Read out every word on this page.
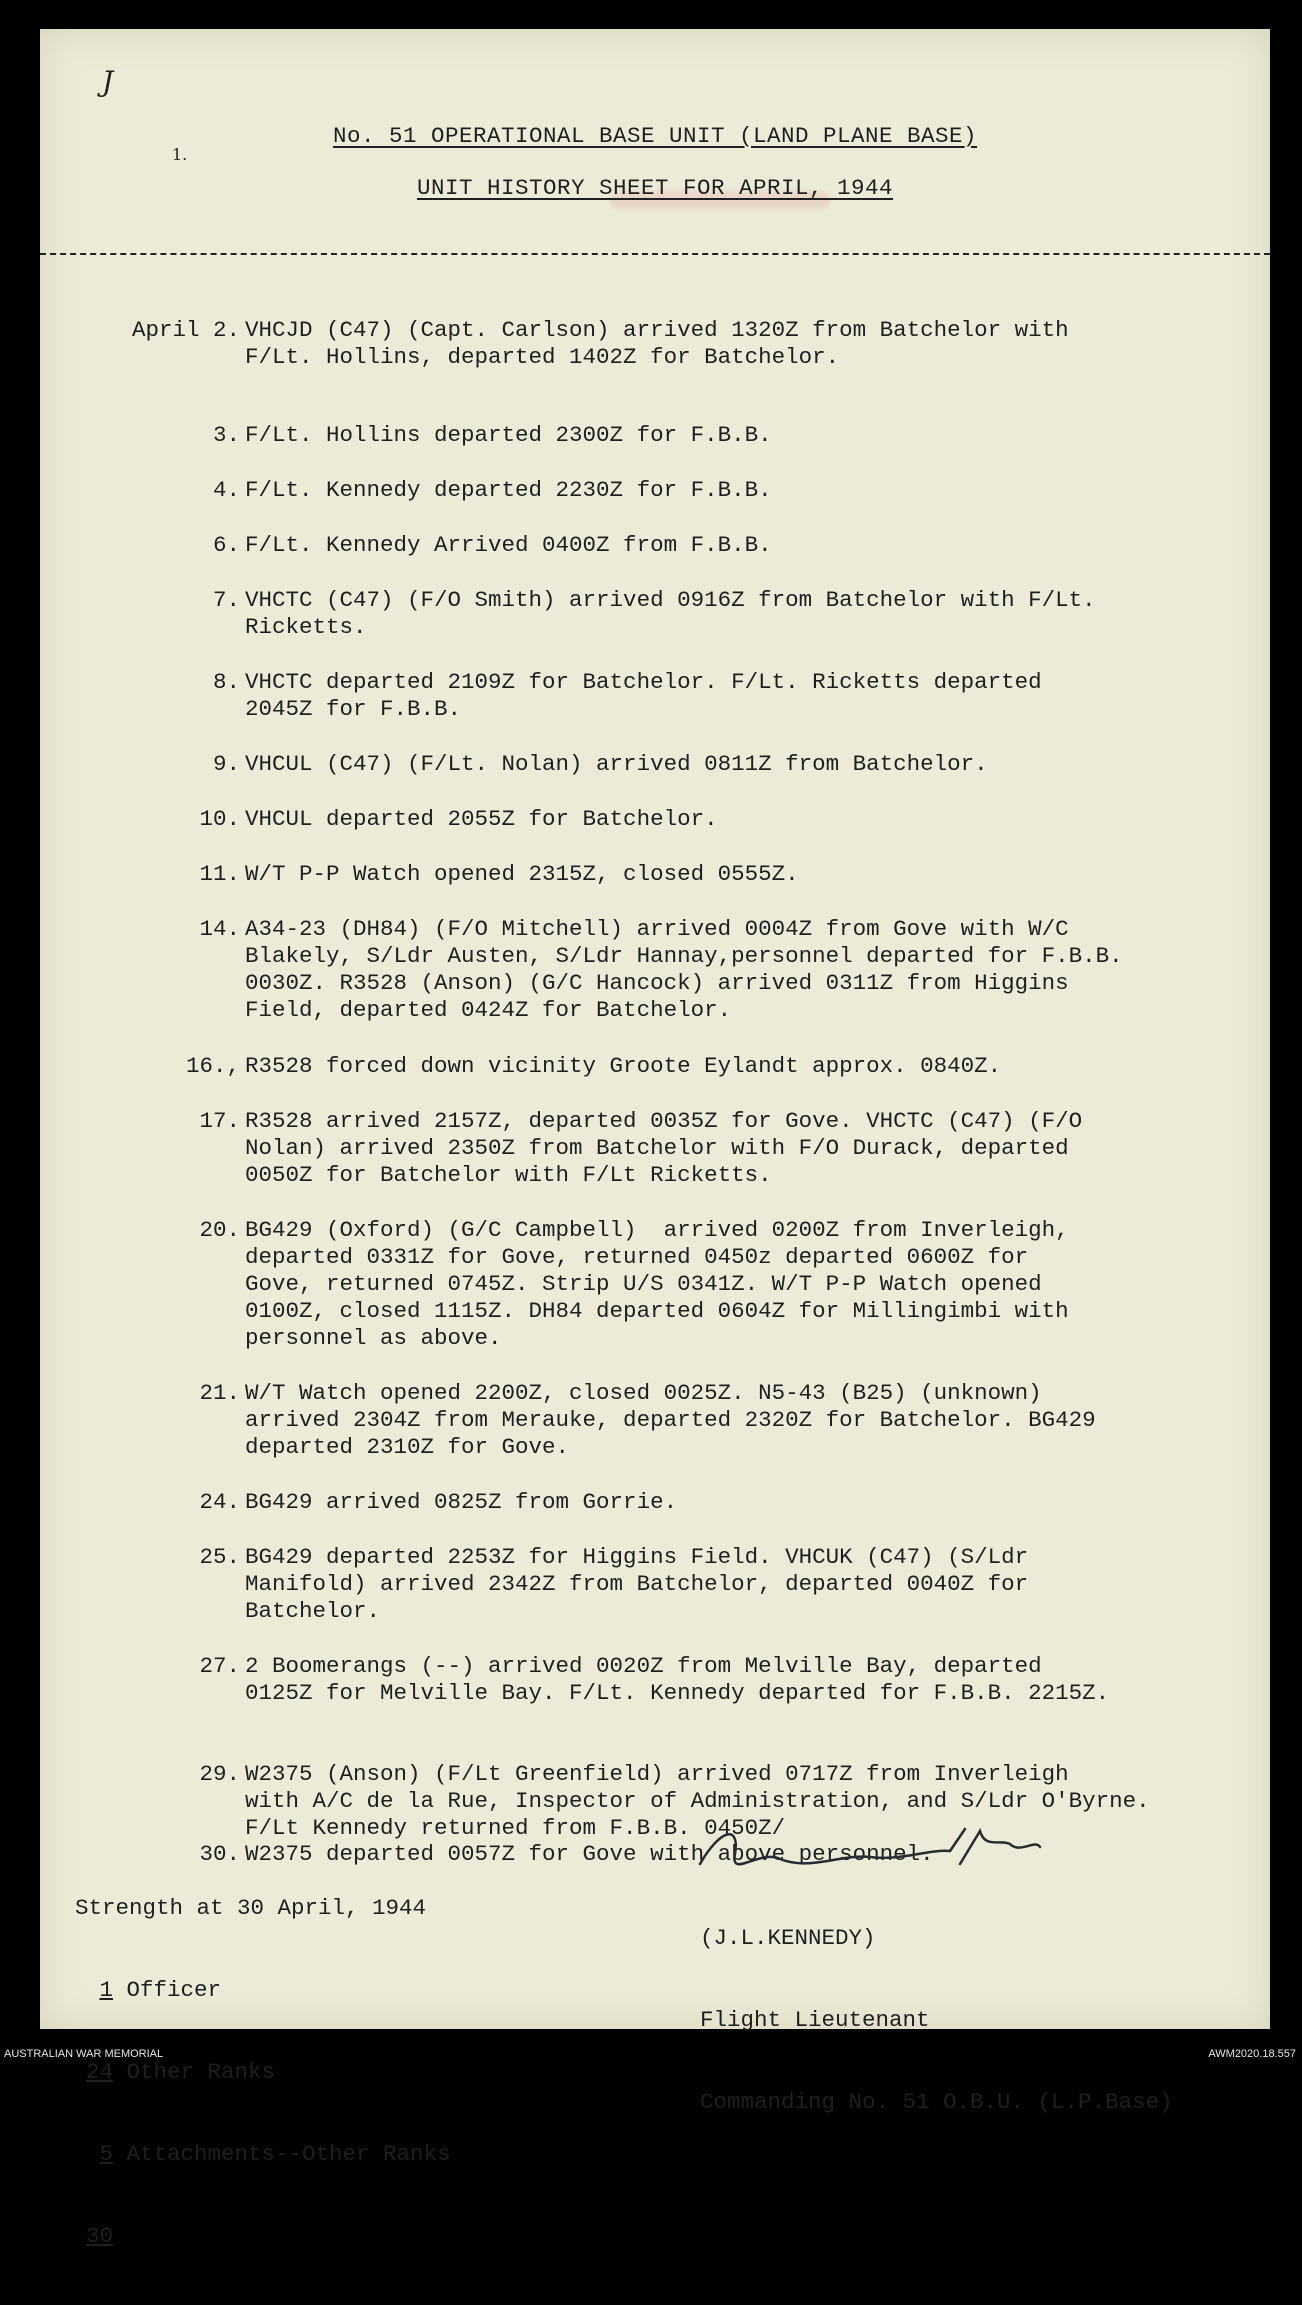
J
1.
No. 51 OPERATIONAL BASE UNIT (LAND PLANE BASE)
UNIT HISTORY SHEET FOR APRIL, 1944
April 2. VHCJD (C47) (Capt. Carlson) arrived 1320Z from Batchelor with
F/Lt. Hollins, departed 1402Z for Batchelor.
3. F/Lt. Hollins departed 2300Z for F.B.B.
4. F/Lt. Kennedy departed 2230Z for F.B.B.
6. F/Lt. Kennedy Arrived 0400Z from F.B.B.
7. VHCTC (C47) (F/O Smith) arrived 0916Z from Batchelor with F/Lt.
Ricketts.
8. VHCTC departed 2109Z for Batchelor. F/Lt. Ricketts departed
2045Z for F.B.B.
9. VHCUL (C47) (F/Lt. Nolan) arrived 0811Z from Batchelor.
10. VHCUL departed 2055Z for Batchelor.
11. W/T P-P Watch opened 2315Z, closed 0555Z.
14. A34-23 (DH84) (F/O Mitchell) arrived 0004Z from Gove with W/C
Blakely, S/Ldr Austen, S/Ldr Hannay,personnel departed for F.B.B.
0030Z. R3528 (Anson) (G/C Hancock) arrived 0311Z from Higgins
Field, departed 0424Z for Batchelor.
16., R3528 forced down vicinity Groote Eylandt approx. 0840Z.
17. R3528 arrived 2157Z, departed 0035Z for Gove. VHCTC (C47) (F/O
Nolan) arrived 2350Z from Batchelor with F/O Durack, departed
0050Z for Batchelor with F/Lt Ricketts.
20. BG429 (Oxford) (G/C Campbell)  arrived 0200Z from Inverleigh,
departed 0331Z for Gove, returned 0450z departed 0600Z for
Gove, returned 0745Z. Strip U/S 0341Z. W/T P-P Watch opened
0100Z, closed 1115Z. DH84 departed 0604Z for Millingimbi with
personnel as above.
21. W/T Watch opened 2200Z, closed 0025Z. N5-43 (B25) (unknown)
arrived 2304Z from Merauke, departed 2320Z for Batchelor. BG429
departed 2310Z for Gove.
24. BG429 arrived 0825Z from Gorrie.
25. BG429 departed 2253Z for Higgins Field. VHCUK (C47) (S/Ldr
Manifold) arrived 2342Z from Batchelor, departed 0040Z for
Batchelor.
27. 2 Boomerangs (--) arrived 0020Z from Melville Bay, departed
0125Z for Melville Bay. F/Lt. Kennedy departed for F.B.B. 2215Z.
29. W2375 (Anson) (F/Lt Greenfield) arrived 0717Z from Inverleigh
with A/C de la Rue, Inspector of Administration, and S/Ldr O'Byrne.
F/Lt Kennedy returned from F.B.B. 0450Z/
30. W2375 departed 0057Z for Gove with above personnel.

Strength at 30 April, 1944

1 Officer

24 Other Ranks

5 Attachments--Other Ranks

30

(J.L.KENNEDY)

Flight Lieutenant

Commanding No. 51 O.B.U. (L.P.Base)

AUSTRALIAN WAR MEMORIAL	AWM2020.18.557
